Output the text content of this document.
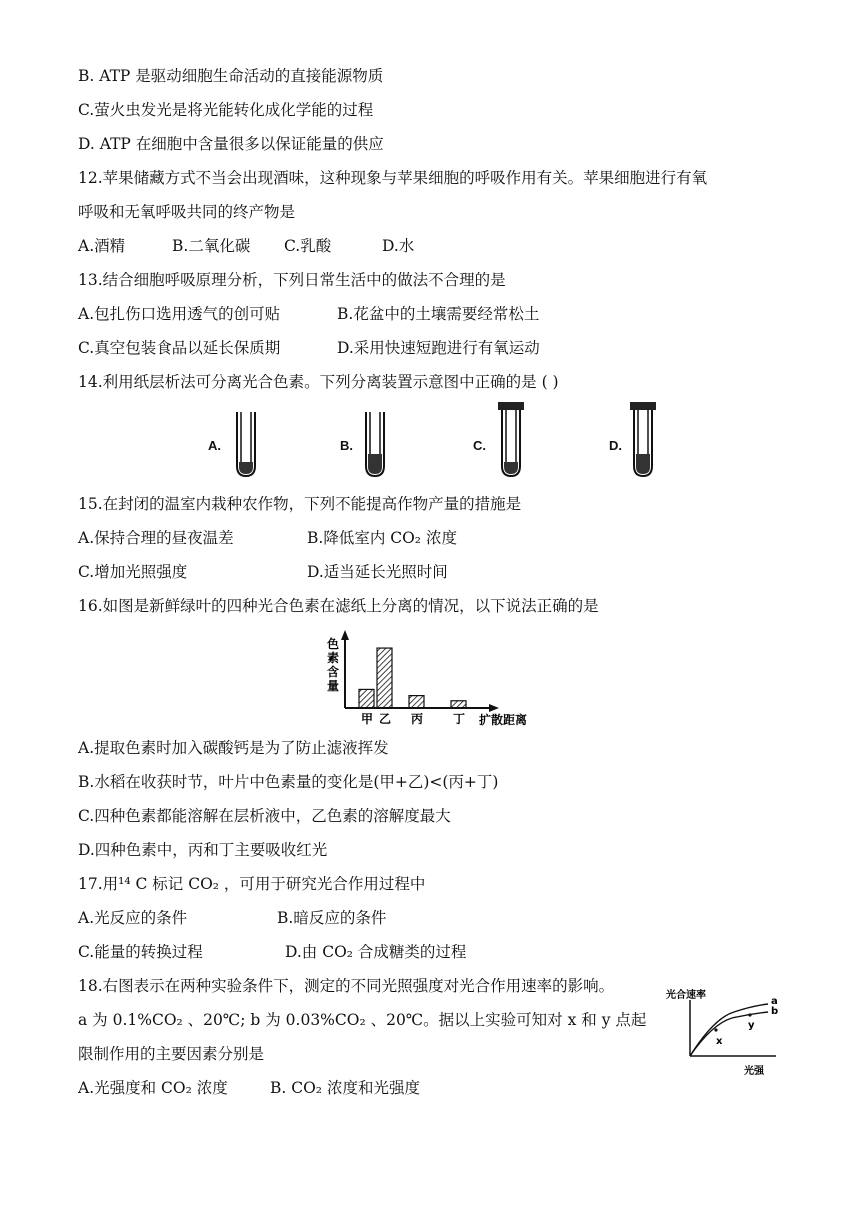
B. ATP 是驱动细胞生命活动的直接能源物质
C.萤火虫发光是将光能转化成化学能的过程
D. ATP 在细胞中含量很多以保证能量的供应
12.苹果储藏方式不当会出现酒味，这种现象与苹果细胞的呼吸作用有关。苹果细胞进行有氧
呼吸和无氧呼吸共同的终产物是
A.酒精	B.二氧化碳 C.乳酸	D.水
13.结合细胞呼吸原理分析，下列日常生活中的做法不合理的是
A.包扎伤口选用透气的创可贴	B.花盆中的土壤需要经常松土
C.真空包装食品以延长保质期	D.采用快速短跑进行有氧运动
14.利用纸层析法可分离光合色素。下列分离装置示意图中正确的是 ( )
A.	B.	C.	D.
15.在封闭的温室内栽种农作物，下列不能提高作物产量的措施是
A.保持合理的昼夜温差	B.降低室内 CO₂ 浓度
C.增加光照强度	D.适当延长光照时间
16.如图是新鲜绿叶的四种光合色素在滤纸上分离的情况，以下说法正确的是
色
素
含
量
甲 乙 丙 丁 扩散距离
A.提取色素时加入碳酸钙是为了防止滤液挥发
B.水稻在收获时节，叶片中色素量的变化是(甲+乙)<(丙+丁)
C.四种色素都能溶解在层析液中，乙色素的溶解度最大
D.四种色素中，丙和丁主要吸收红光
17.用¹⁴ C 标记 CO₂ ，可用于研究光合作用过程中
A.光反应的条件	B.暗反应的条件
C.能量的转换过程	D.由 CO₂ 合成糖类的过程
18.右图表示在两种实验条件下，测定的不同光照强度对光合作用速率的影响。
a 为 0.1%CO₂ 、20℃; b 为 0.03%CO₂ 、20℃。据以上实验可知对 x 和 y 点起
限制作用的主要因素分别是
A.光强度和 CO₂ 浓度	B. CO₂ 浓度和光强度
光合速率
a
b
x
y
光强
